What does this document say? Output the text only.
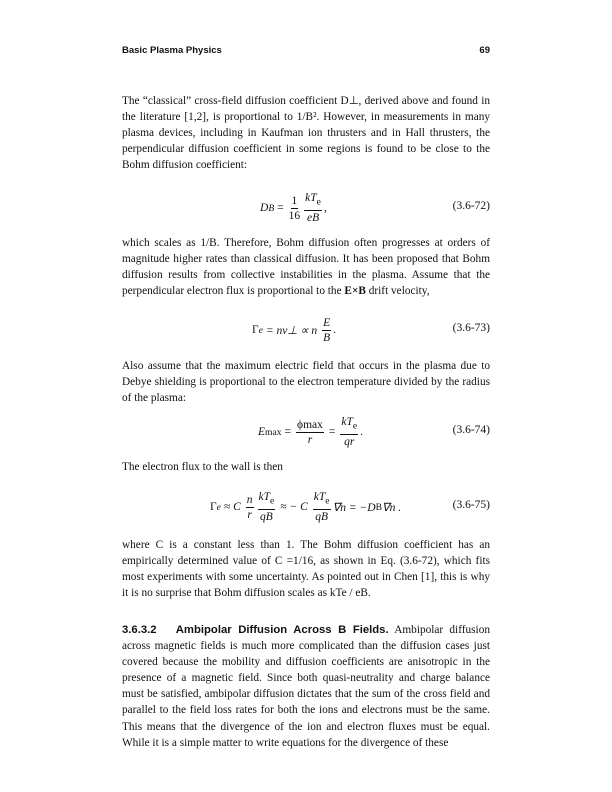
Basic Plasma Physics	69
The “classical” cross-field diffusion coefficient D⊥, derived above and found in the literature [1,2], is proportional to 1/B². However, in measurements in many plasma devices, including in Kaufman ion thrusters and in Hall thrusters, the perpendicular diffusion coefficient in some regions is found to be close to the Bohm diffusion coefficient:
D $B = \frac{1}{16} kT_e$
eB
,	(3.6-72)
which scales as 1/B. Therefore, Bohm diffusion often progresses at orders of magnitude higher rates than classical diffusion. It has been proposed that Bohm diffusion results from collective instabilities in the plasma. Assume that the perpendicular electron flux is proportional to the E×B drift velocity,
Γ e = nv⊥ ∝ n
E
B
.	(3.6-73)
Also assume that the maximum electric field that occurs in the plasma due to Debye shielding is proportional to the electron temperature divided by the radius of the plasma:
E max =
ϕmax
r
=
$kT_e$
qr
.	(3.6-74)
The electron flux to the wall is then
Γ e ≈ C
n
r
$kT_e$
qB
≈ − C
$kT_e$
qB
∇n = −D B ∇n .	(3.6-75)
where C is a constant less than 1. The Bohm diffusion coefficient has an empirically determined value of C =1/16, as shown in Eq. (3.6-72), which fits most experiments with some uncertainty. As pointed out in Chen [1], this is why it is no surprise that Bohm diffusion scales as kTe / eB.
3.6.3.2   Ambipolar Diffusion Across B Fields. Ambipolar diffusion across magnetic fields is much more complicated than the diffusion cases just covered because the mobility and diffusion coefficients are anisotropic in the presence of a magnetic field. Since both quasi-neutrality and charge balance must be satisfied, ambipolar diffusion dictates that the sum of the cross field and parallel to the field loss rates for both the ions and electrons must be the same. This means that the divergence of the ion and electron fluxes must be equal. While it is a simple matter to write equations for the divergence of these
